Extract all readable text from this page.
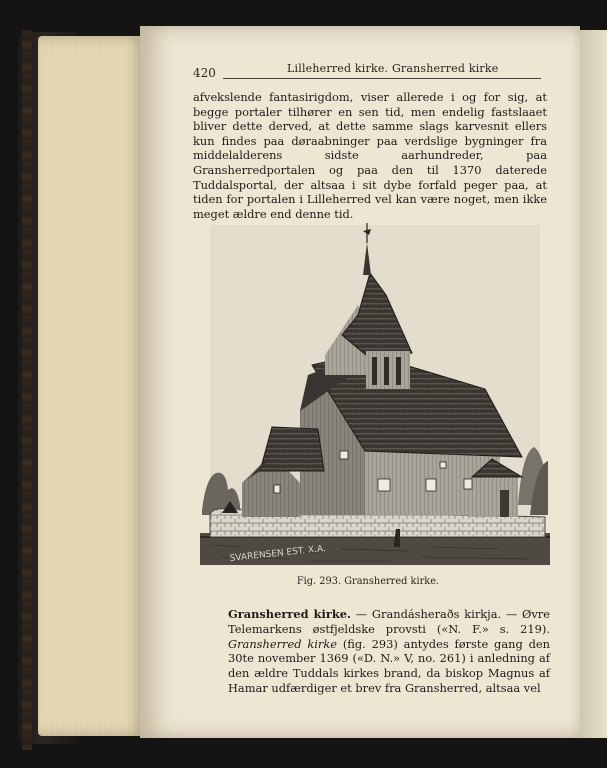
420	Lilleherred kirke. Gransherred kirke

afvekslende fantasirigdom, viser allerede i og for sig, at begge portaler tilhører en sen tid, men endelig fastslaaet bliver dette derved, at dette samme slags karvesnit ellers kun findes paa døraabninger paa verdslige bygninger fra middelalderens sidste aarhundreder, paa Gransherredportalen og paa den til 1370 daterede Tuddalsportal, der altsaa i sit dybe forfald peger paa, at tiden for portalen i Lilleherred vel kan være noget, men ikke meget ældre end denne tid.

SVARENSEN EST. X.A.
Fig. 293. Gransherred kirke.
Gransherred kirke. — Grandásheraðs kirkja. — Øvre Telemarkens østfjeldske provsti («N. F.» s. 219). Gransherred kirke (fig. 293) antydes første gang den 30te november 1369 («D. N.» V, no. 261) i anledning af den ældre Tuddals kirkes brand, da biskop Magnus af Hamar udfærdiger et brev fra Gransherred, altsaa vel
